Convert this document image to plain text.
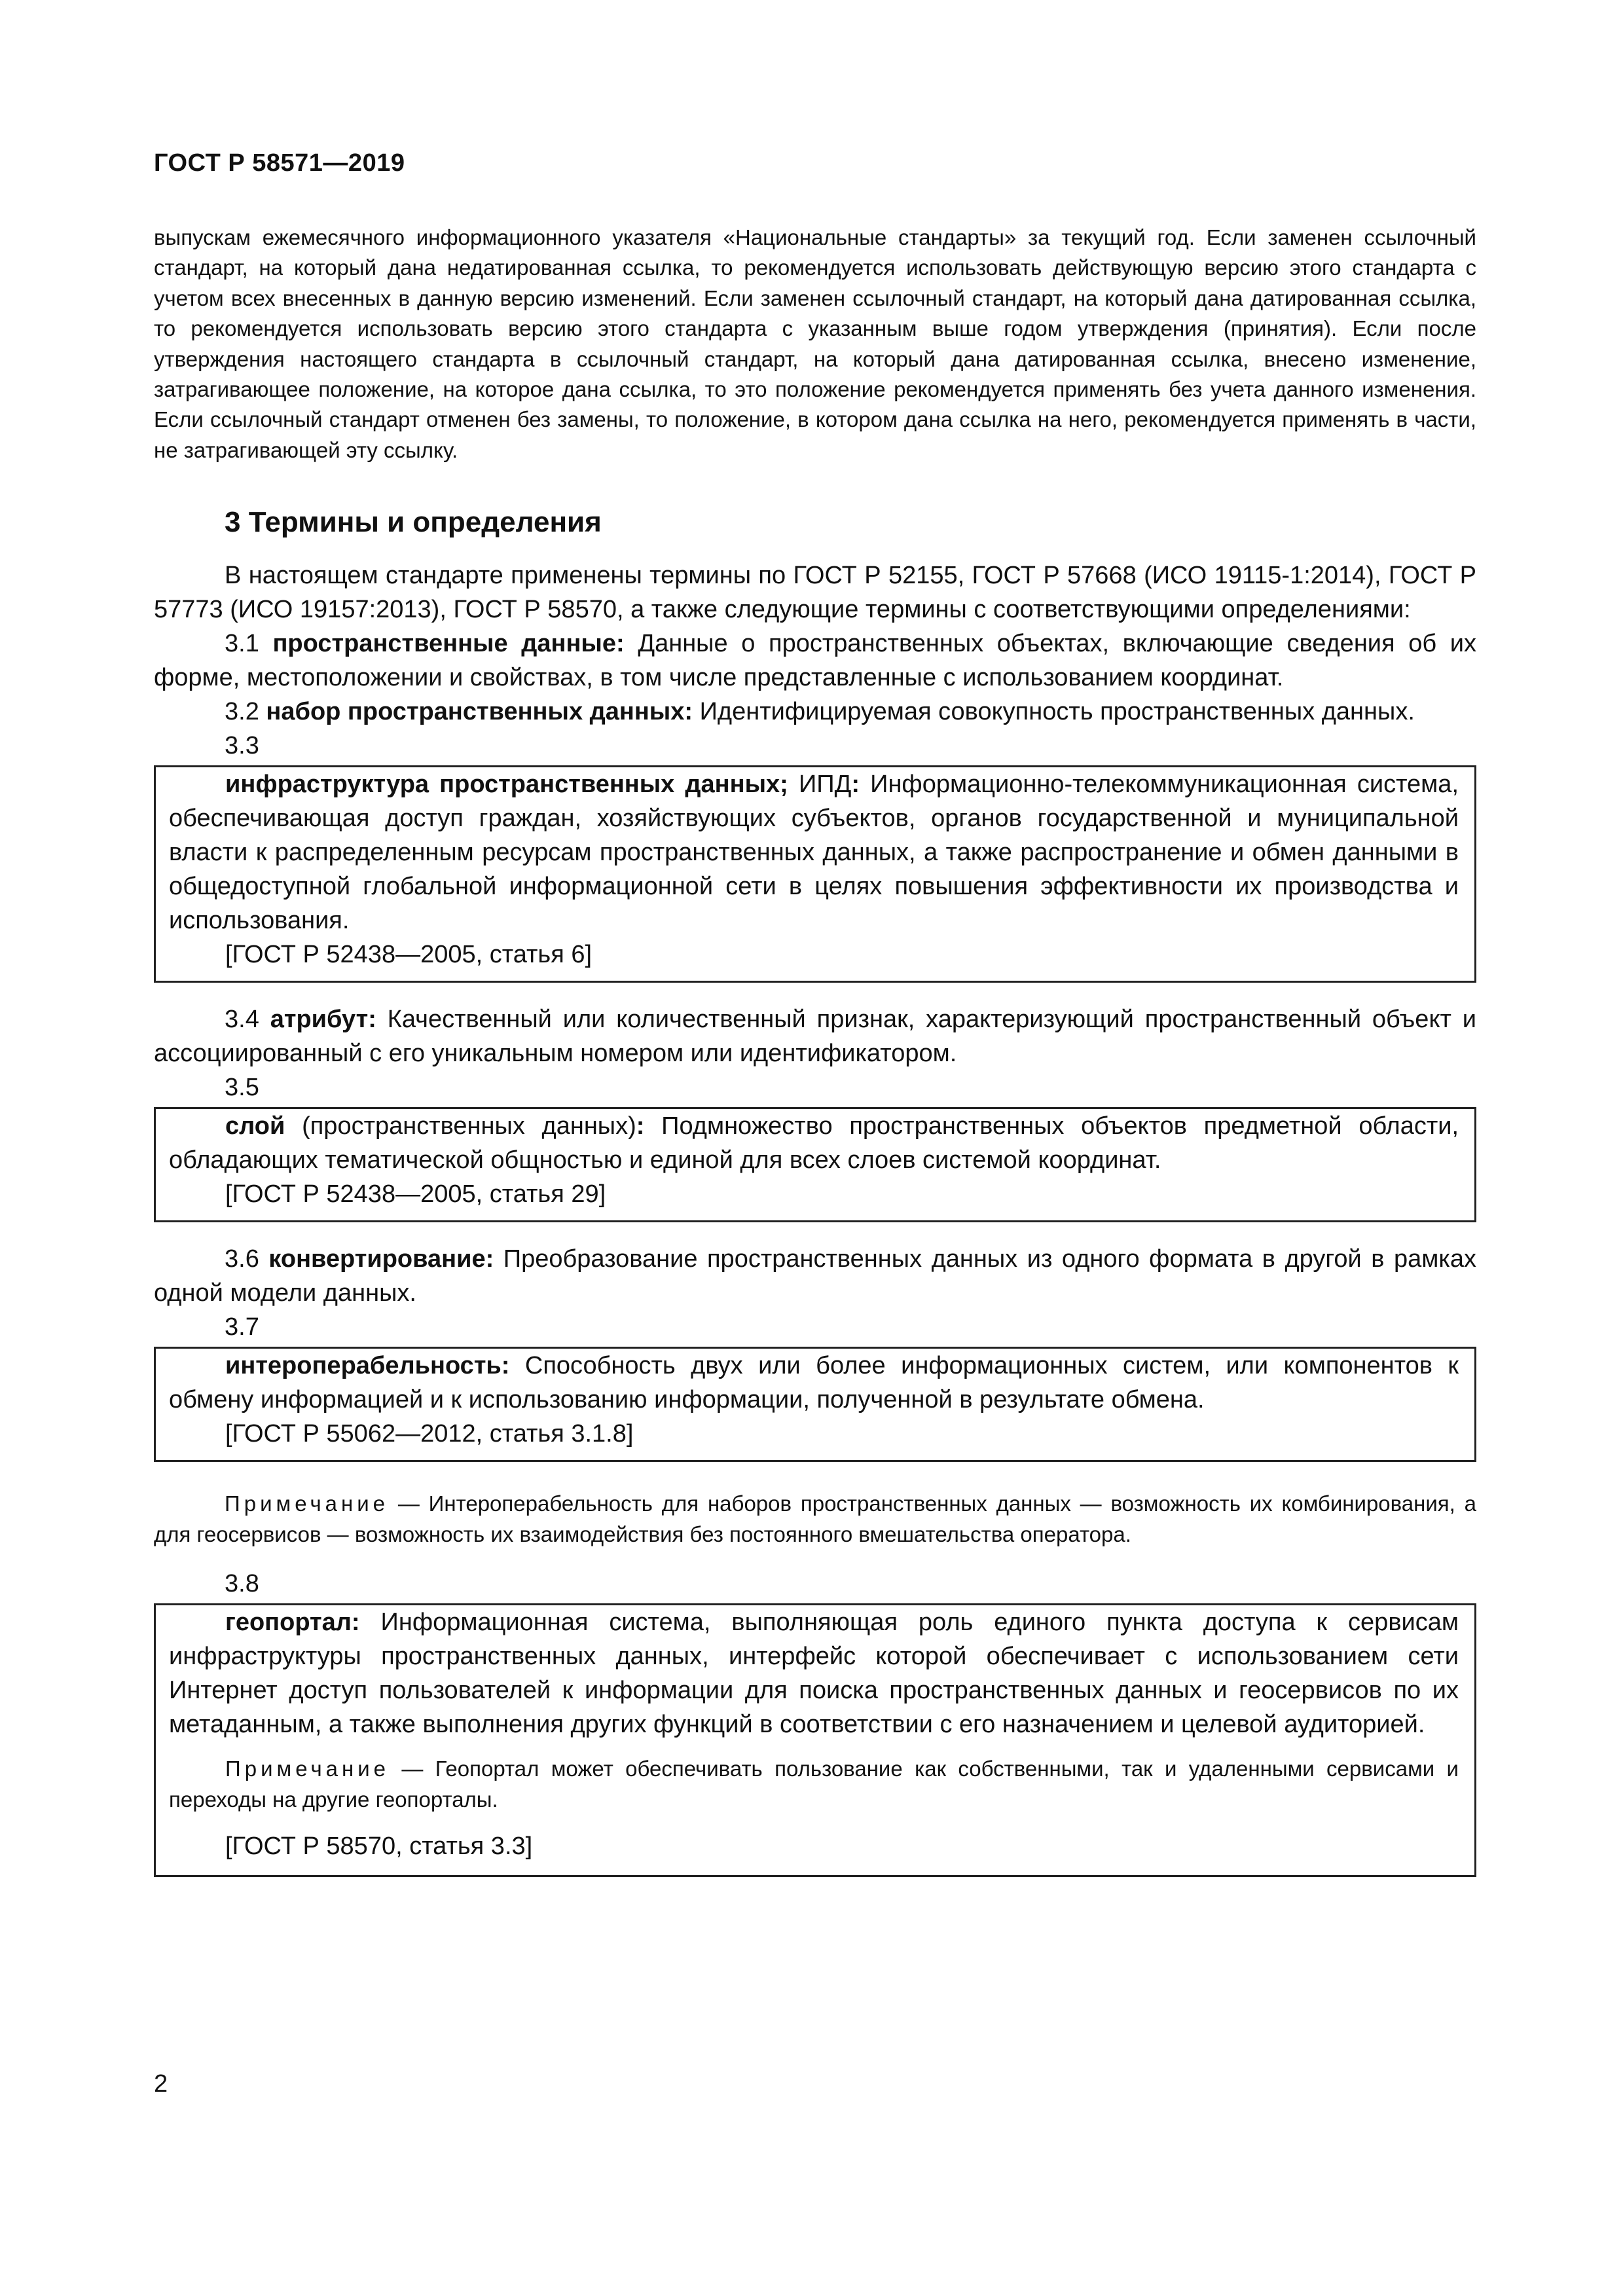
ГОСТ Р 58571—2019

выпускам ежемесячного информационного указателя «Национальные стандарты» за текущий год. Если заменен ссылочный стандарт, на который дана недатированная ссылка, то рекомендуется использовать действующую версию этого стандарта с учетом всех внесенных в данную версию изменений. Если заменен ссылочный стандарт, на который дана датированная ссылка, то рекомендуется использовать версию этого стандарта с указанным выше годом утверждения (принятия). Если после утверждения настоящего стандарта в ссылочный стандарт, на который дана датированная ссылка, внесено изменение, затрагивающее положение, на которое дана ссылка, то это положение рекомендуется применять без учета данного изменения. Если ссылочный стандарт отменен без замены, то положение, в котором дана ссылка на него, рекомендуется применять в части, не затрагивающей эту ссылку.

3 Термины и определения

В настоящем стандарте применены термины по ГОСТ Р 52155, ГОСТ Р 57668 (ИСО 19115-1:2014), ГОСТ Р 57773 (ИСО 19157:2013), ГОСТ Р 58570, а также следующие термины с соответствующими определениями:

3.1 пространственные данные: Данные о пространственных объектах, включающие сведения об их форме, местоположении и свойствах, в том числе представленные с использованием координат.

3.2 набор пространственных данных: Идентифицируемая совокупность пространственных данных.

3.3

инфраструктура пространственных данных; ИПД: Информационно-телекоммуникационная система, обеспечивающая доступ граждан, хозяйствующих субъектов, органов государственной и муниципальной власти к распределенным ресурсам пространственных данных, а также распространение и обмен данными в общедоступной глобальной информационной сети в целях повышения эффективности их производства и использования.

[ГОСТ Р 52438—2005, статья 6]

3.4 атрибут: Качественный или количественный признак, характеризующий пространственный объект и ассоциированный с его уникальным номером или идентификатором.

3.5

слой (пространственных данных): Подмножество пространственных объектов предметной области, обладающих тематической общностью и единой для всех слоев системой координат.

[ГОСТ Р 52438—2005, статья 29]

3.6 конвертирование: Преобразование пространственных данных из одного формата в другой в рамках одной модели данных.

3.7

интероперабельность: Способность двух или более информационных систем, или компонентов к обмену информацией и к использованию информации, полученной в результате обмена.

[ГОСТ Р 55062—2012, статья 3.1.8]

Примечание — Интероперабельность для наборов пространственных данных — возможность их комбинирования, а для геосервисов — возможность их взаимодействия без постоянного вмешательства оператора.

3.8

геопортал: Информационная система, выполняющая роль единого пункта доступа к сервисам инфраструктуры пространственных данных, интерфейс которой обеспечивает с использованием сети Интернет доступ пользователей к информации для поиска пространственных данных и геосервисов по их метаданным, а также выполнения других функций в соответствии с его назначением и целевой аудиторией.

Примечание — Геопортал может обеспечивать пользование как собственными, так и удаленными сервисами и переходы на другие геопорталы.

[ГОСТ Р 58570, статья 3.3]
2
